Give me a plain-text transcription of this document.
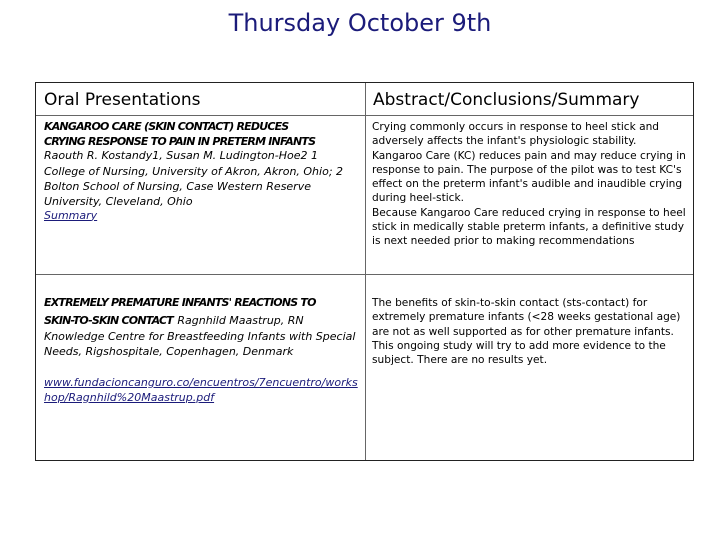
Thursday October 9th
Oral Presentations	Abstract/Conclusions/Summary
KANGAROO CARE (SKIN CONTACT) REDUCES
CRYING RESPONSE TO PAIN IN PRETERM INFANTS
Raouth R. Kostandy1, Susan M. Ludington-Hoe2 1
College of Nursing, University of Akron, Akron, Ohio; 2 Bolton School of Nursing, Case Western Reserve University, Cleveland, Ohio
Summary
Crying commonly occurs in response to heel stick and adversely affects the infant's physiologic stability. Kangaroo Care (KC) reduces pain and may reduce crying in response to pain. The purpose of the pilot was to test KC's effect on the preterm infant's audible and inaudible crying during heel-stick.
Because Kangaroo Care reduced crying in response to heel stick in medically stable preterm infants, a definitive study is next needed prior to making recommendations
EXTREMELY PREMATURE INFANTS' REACTIONS TO
SKIN-TO-SKIN CONTACT Ragnhild Maastrup, RN
Knowledge Centre for Breastfeeding Infants with Special Needs, Rigshospitale, Copenhagen, Denmark
www.fundacioncanguro.co/encuentros/7encuentro/workshop/Ragnhild%20Maastrup.pdf
The benefits of skin-to-skin contact (sts-contact) for extremely premature infants (<28 weeks gestational age) are not as well supported as for other premature infants. This ongoing study will try to add more evidence to the subject. There are no results yet.
